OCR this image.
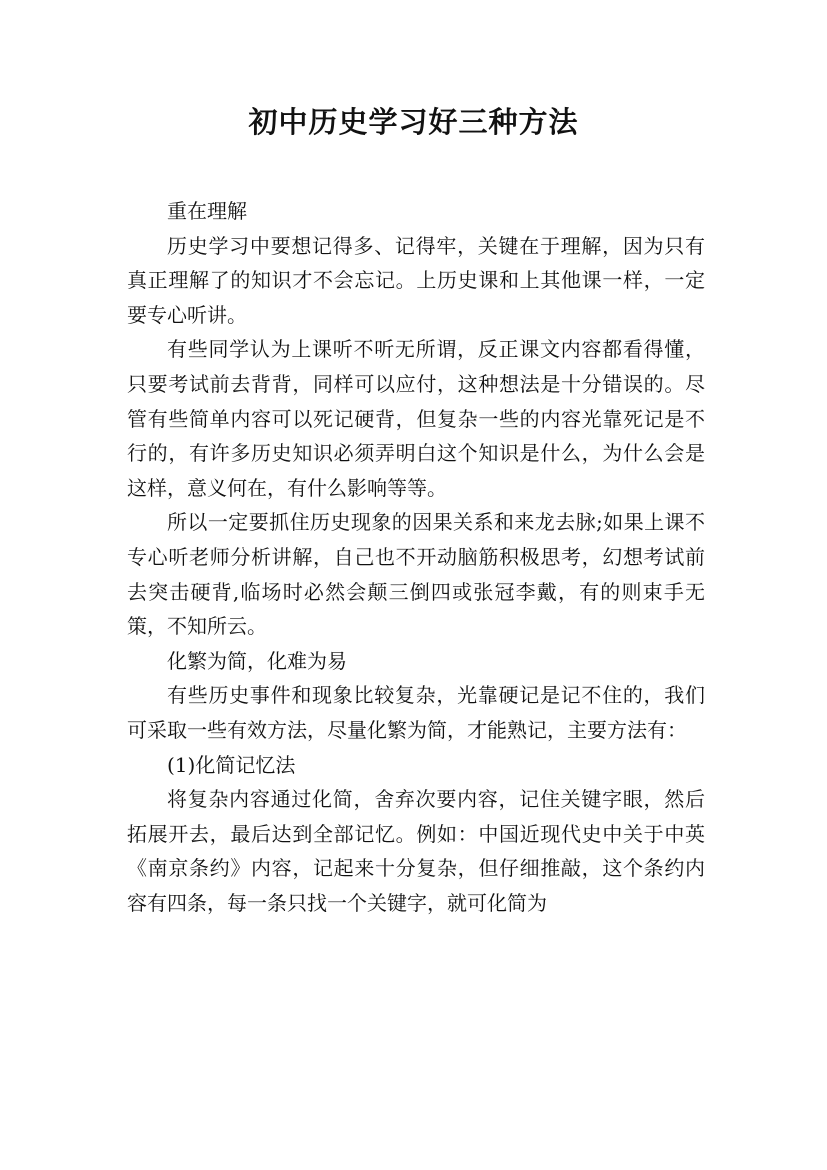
初中历史学习好三种方法

重在理解

历史学习中要想记得多、记得牢，关键在于理解，因为只有真正理解了的知识才不会忘记。上历史课和上其他课一样，一定要专心听讲。

有些同学认为上课听不听无所谓，反正课文内容都看得懂，只要考试前去背背，同样可以应付，这种想法是十分错误的。尽管有些简单内容可以死记硬背，但复杂一些的内容光靠死记是不行的，有许多历史知识必须弄明白这个知识是什么，为什么会是这样，意义何在，有什么影响等等。

所以一定要抓住历史现象的因果关系和来龙去脉;如果上课不专心听老师分析讲解，自己也不开动脑筋积极思考，幻想考试前去突击硬背,临场时必然会颠三倒四或张冠李戴，有的则束手无策，不知所云。

化繁为简，化难为易

有些历史事件和现象比较复杂，光靠硬记是记不住的，我们可采取一些有效方法，尽量化繁为简，才能熟记，主要方法有：

(1)化简记忆法

将复杂内容通过化简，舍弃次要内容，记住关键字眼，然后拓展开去，最后达到全部记忆。例如：中国近现代史中关于中英《南京条约》内容，记起来十分复杂，但仔细推敲，这个条约内容有四条，每一条只找一个关键字，就可化简为
